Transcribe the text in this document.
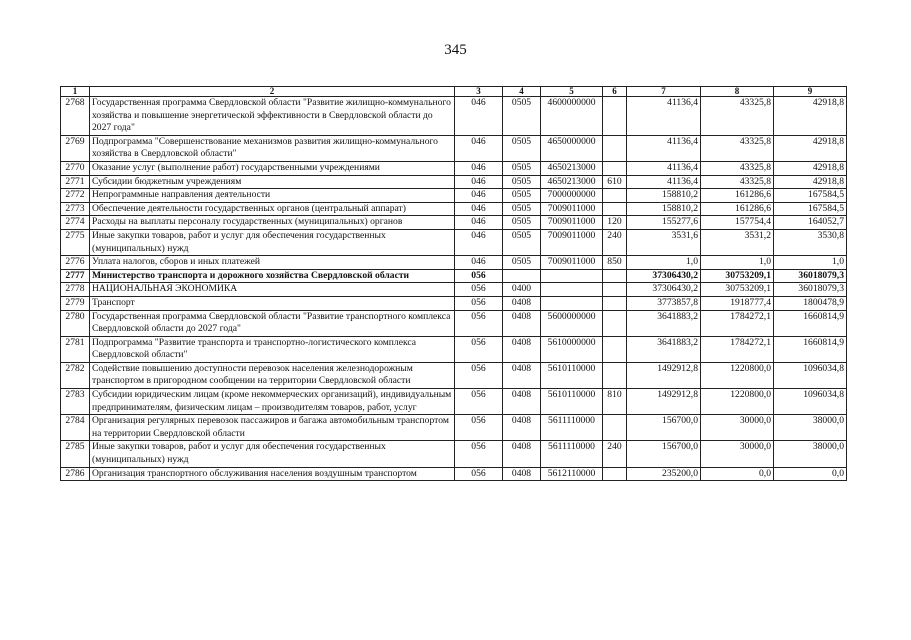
345
1	2	3	4	5	6	7	8	9
2768	Государственная программа Свердловской области "Развитие жилищно-коммунального хозяйства и повышение энергетической эффективности в Свердловской области до 2027 года"	046	0505	4600000000		41136,4	43325,8	42918,8
2769	Подпрограмма "Совершенствование механизмов развития жилищно-коммунального хозяйства в Свердловской области"	046	0505	4650000000		41136,4	43325,8	42918,8
2770	Оказание услуг (выполнение работ) государственными учреждениями	046	0505	4650213000		41136,4	43325,8	42918,8
2771	Субсидии бюджетным учреждениям	046	0505	4650213000	610	41136,4	43325,8	42918,8
2772	Непрограммные направления деятельности	046	0505	7000000000		158810,2	161286,6	167584,5
2773	Обеспечение деятельности государственных органов (центральный аппарат)	046	0505	7009011000		158810,2	161286,6	167584,5
2774	Расходы на выплаты персоналу государственных (муниципальных) органов	046	0505	7009011000	120	155277,6	157754,4	164052,7
2775	Иные закупки товаров, работ и услуг для обеспечения государственных (муниципальных) нужд	046	0505	7009011000	240	3531,6	3531,2	3530,8
2776	Уплата налогов, сборов и иных платежей	046	0505	7009011000	850	1,0	1,0	1,0
2777	Министерство транспорта и дорожного хозяйства Свердловской области	056				37306430,2	30753209,1	36018079,3
2778	НАЦИОНАЛЬНАЯ ЭКОНОМИКА	056	0400			37306430,2	30753209,1	36018079,3
2779	Транспорт	056	0408			3773857,8	1918777,4	1800478,9
2780	Государственная программа Свердловской области "Развитие транспортного комплекса Свердловской области до 2027 года"	056	0408	5600000000		3641883,2	1784272,1	1660814,9
2781	Подпрограмма "Развитие транспорта и транспортно-логистического комплекса Свердловской области"	056	0408	5610000000		3641883,2	1784272,1	1660814,9
2782	Содействие повышению доступности перевозок населения железнодорожным транспортом в пригородном сообщении на территории Свердловской области	056	0408	5610110000		1492912,8	1220800,0	1096034,8
2783	Субсидии юридическим лицам (кроме некоммерческих организаций), индивидуальным предпринимателям, физическим лицам – производителям товаров, работ, услуг	056	0408	5610110000	810	1492912,8	1220800,0	1096034,8
2784	Организация регулярных перевозок пассажиров и багажа автомобильным транспортом на территории Свердловской области	056	0408	5611110000		156700,0	30000,0	38000,0
2785	Иные закупки товаров, работ и услуг для обеспечения государственных (муниципальных) нужд	056	0408	5611110000	240	156700,0	30000,0	38000,0
2786	Организация транспортного обслуживания населения воздушным транспортом	056	0408	5612110000		235200,0	0,0	0,0
